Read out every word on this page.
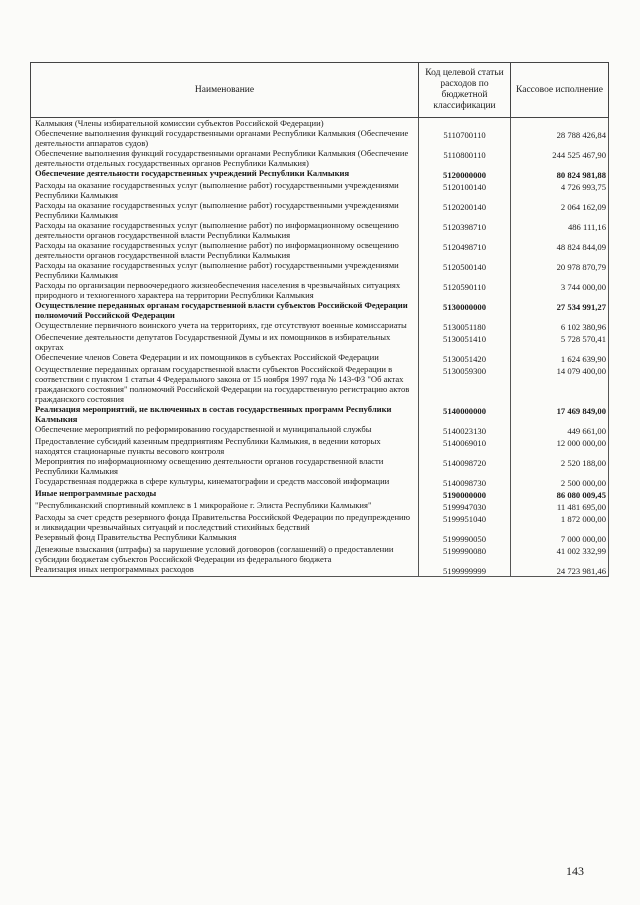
Наименование	Код целевой статьи расходов по бюджетной классификации	Кассовое исполнение
Калмыкия (Члены избирательной комиссии субъектов Российской Федерации)		
Обеспечение выполнения функций государственными органами Республики Калмыкия (Обеспечение деятельности аппаратов судов)	5110700110	28 788 426,84
Обеспечение выполнения функций государственными органами Республики Калмыкия (Обеспечение деятельности отдельных государственных органов Республики Калмыкия)	5110800110	244 525 467,90
Обеспечение деятельности государственных учреждений Республики Калмыкия	5120000000	80 824 981,88
Расходы на оказание государственных услуг (выполнение работ) государственными учреждениями Республики Калмыкия	5120100140	4 726 993,75
Расходы на оказание государственных услуг (выполнение работ) государственными учреждениями Республики Калмыкия	5120200140	2 064 162,09
Расходы на оказание государственных услуг (выполнение работ) по информационному освещению деятельности органов государственной власти Республики Калмыкия	5120398710	486 111,16
Расходы на оказание государственных услуг (выполнение работ) по информационному освещению деятельности органов государственной власти Республики Калмыкия	5120498710	48 824 844,09
Расходы на оказание государственных услуг (выполнение работ) государственными учреждениями Республики Калмыкия	5120500140	20 978 870,79
Расходы по организации первоочередного жизнеобеспечения населения в чрезвычайных ситуациях природного и техногенного характера на территории Республики Калмыкия	5120590110	3 744 000,00
Осуществление переданных органам государственной власти субъектов Российской Федерации полномочий Российской Федерации	5130000000	27 534 991,27
Осуществление первичного воинского учета на территориях, где отсутствуют военные комиссариаты	5130051180	6 102 380,96
Обеспечение деятельности депутатов Государственной Думы и их помощников в избирательных округах	5130051410	5 728 570,41
Обеспечение членов Совета Федерации и их помощников в субъектах Российской Федерации	5130051420	1 624 639,90
Осуществление переданных органам государственной власти субъектов Российской Федерации в соответствии с пунктом 1 статьи 4 Федерального закона от 15 ноября 1997 года № 143-ФЗ "Об актах гражданского состояния" полномочий Российской Федерации на государственную регистрацию актов гражданского состояния	5130059300	14 079 400,00
Реализация мероприятий, не включенных в состав государственных программ Республики Калмыкия	5140000000	17 469 849,00
Обеспечение мероприятий по реформированию государственной и муниципальной службы	5140023130	449 661,00
Предоставление субсидий казенным предприятиям Республики Калмыкия, в ведении которых находятся стационарные пункты весового контроля	5140069010	12 000 000,00
Мероприятия по информационному освещению деятельности органов государственной власти Республики Калмыкия	5140098720	2 520 188,00
Государственная поддержка в сфере культуры, кинематографии и средств массовой информации	5140098730	2 500 000,00
Иные непрограммные расходы	5190000000	86 080 009,45
"Республиканский спортивный комплекс в 1 микрорайоне г. Элиста Республики Калмыкия"	5199947030	11 481 695,00
Расходы за счет средств резервного фонда Правительства Российской Федерации по предупреждению и ликвидации чрезвычайных ситуаций и последствий стихийных бедствий	5199951040	1 872 000,00
Резервный фонд Правительства Республики Калмыкия	5199990050	7 000 000,00
Денежные взыскания (штрафы) за нарушение условий договоров (соглашений) о предоставлении субсидии бюджетам субъектов Российской Федерации из федерального бюджета	5199990080	41 002 332,99
Реализация иных непрограммных расходов	5199999999	24 723 981,46
143
